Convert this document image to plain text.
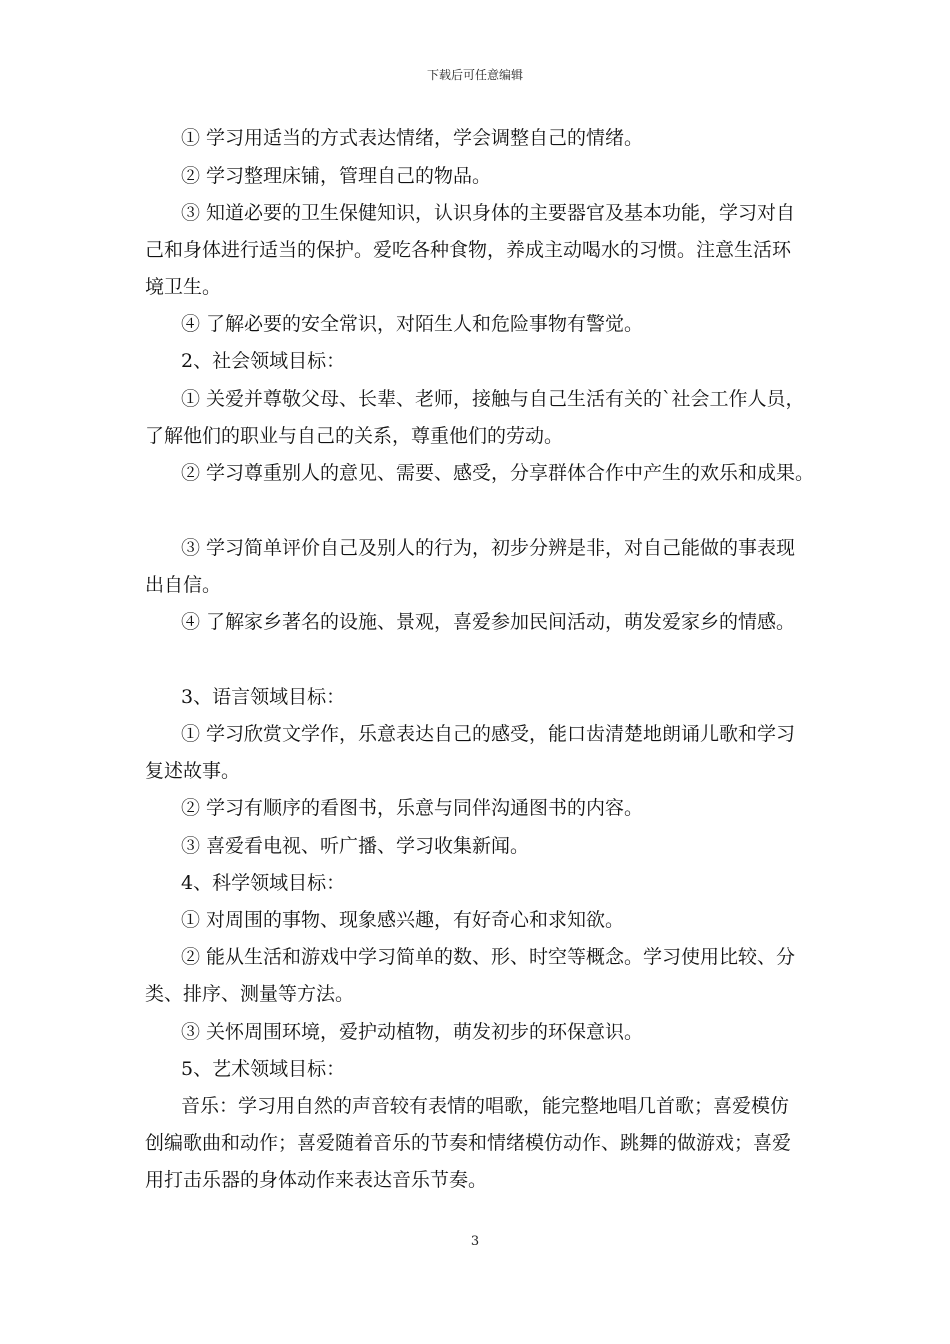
下载后可任意编辑
① 学习用适当的方式表达情绪，学会调整自己的情绪。
② 学习整理床铺，管理自己的物品。
③ 知道必要的卫生保健知识，认识身体的主要器官及基本功能，学习对自
己和身体进行适当的保护。爱吃各种食物，养成主动喝水的习惯。注意生活环
境卫生。
④ 了解必要的安全常识，对陌生人和危险事物有警觉。
2、社会领域目标：
① 关爱并尊敬父母、长辈、老师，接触与自己生活有关的`社会工作人员，
了解他们的职业与自己的关系，尊重他们的劳动。
② 学习尊重别人的意见、需要、感受，分享群体合作中产生的欢乐和成果。
③ 学习简单评价自己及别人的行为，初步分辨是非，对自己能做的事表现
出自信。
④ 了解家乡著名的设施、景观，喜爱参加民间活动，萌发爱家乡的情感。
3、语言领域目标：
① 学习欣赏文学作，乐意表达自己的感受，能口齿清楚地朗诵儿歌和学习
复述故事。
② 学习有顺序的看图书，乐意与同伴沟通图书的内容。
③ 喜爱看电视、听广播、学习收集新闻。
4、科学领域目标：
① 对周围的事物、现象感兴趣，有好奇心和求知欲。
② 能从生活和游戏中学习简单的数、形、时空等概念。学习使用比较、分
类、排序、测量等方法。
③ 关怀周围环境，爱护动植物，萌发初步的环保意识。
5、艺术领域目标：
音乐：学习用自然的声音较有表情的唱歌，能完整地唱几首歌；喜爱模仿
创编歌曲和动作；喜爱随着音乐的节奏和情绪模仿动作、跳舞的做游戏；喜爱
用打击乐器的身体动作来表达音乐节奏。
3
